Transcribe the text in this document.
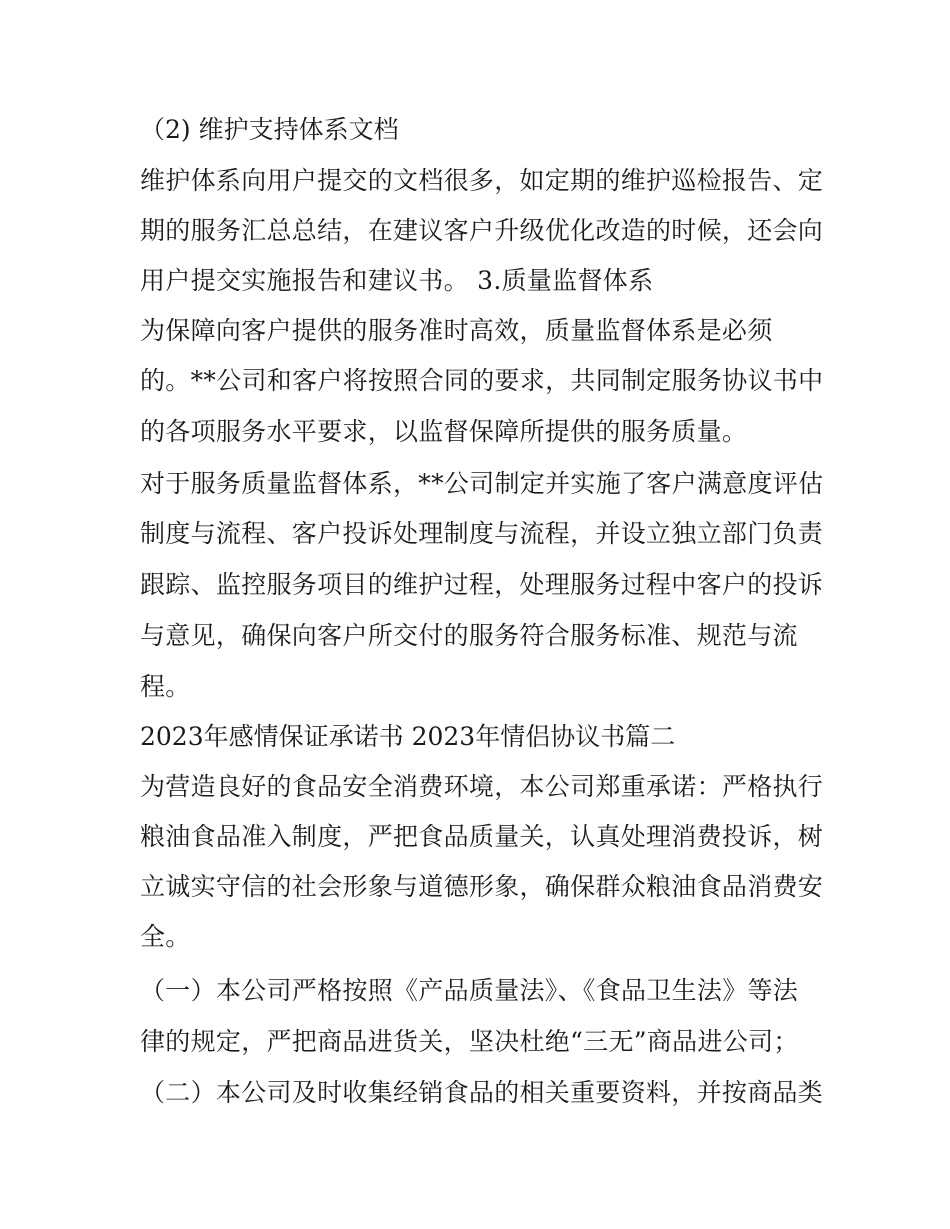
（2) 维护支持体系文档
维护体系向用户提交的文档很多，如定期的维护巡检报告、定
期的服务汇总总结，在建议客户升级优化改造的时候，还会向
用户提交实施报告和建议书。 3.质量监督体系
为保障向客户提供的服务准时高效，质量监督体系是必须
的。**公司和客户将按照合同的要求，共同制定服务协议书中
的各项服务水平要求，以监督保障所提供的服务质量。
对于服务质量监督体系，**公司制定并实施了客户满意度评估
制度与流程、客户投诉处理制度与流程，并设立独立部门负责
跟踪、监控服务项目的维护过程，处理服务过程中客户的投诉
与意见，确保向客户所交付的服务符合服务标准、规范与流
程。
2023年感情保证承诺书 2023年情侣协议书篇二
为营造良好的食品安全消费环境，本公司郑重承诺：严格执行
粮油食品准入制度，严把食品质量关，认真处理消费投诉，树
立诚实守信的社会形象与道德形象，确保群众粮油食品消费安
全。
（一）本公司严格按照《产品质量法》、《食品卫生法》等法
律的规定，严把商品进货关，坚决杜绝“三无”商品进公司；
（二）本公司及时收集经销食品的相关重要资料，并按商品类
